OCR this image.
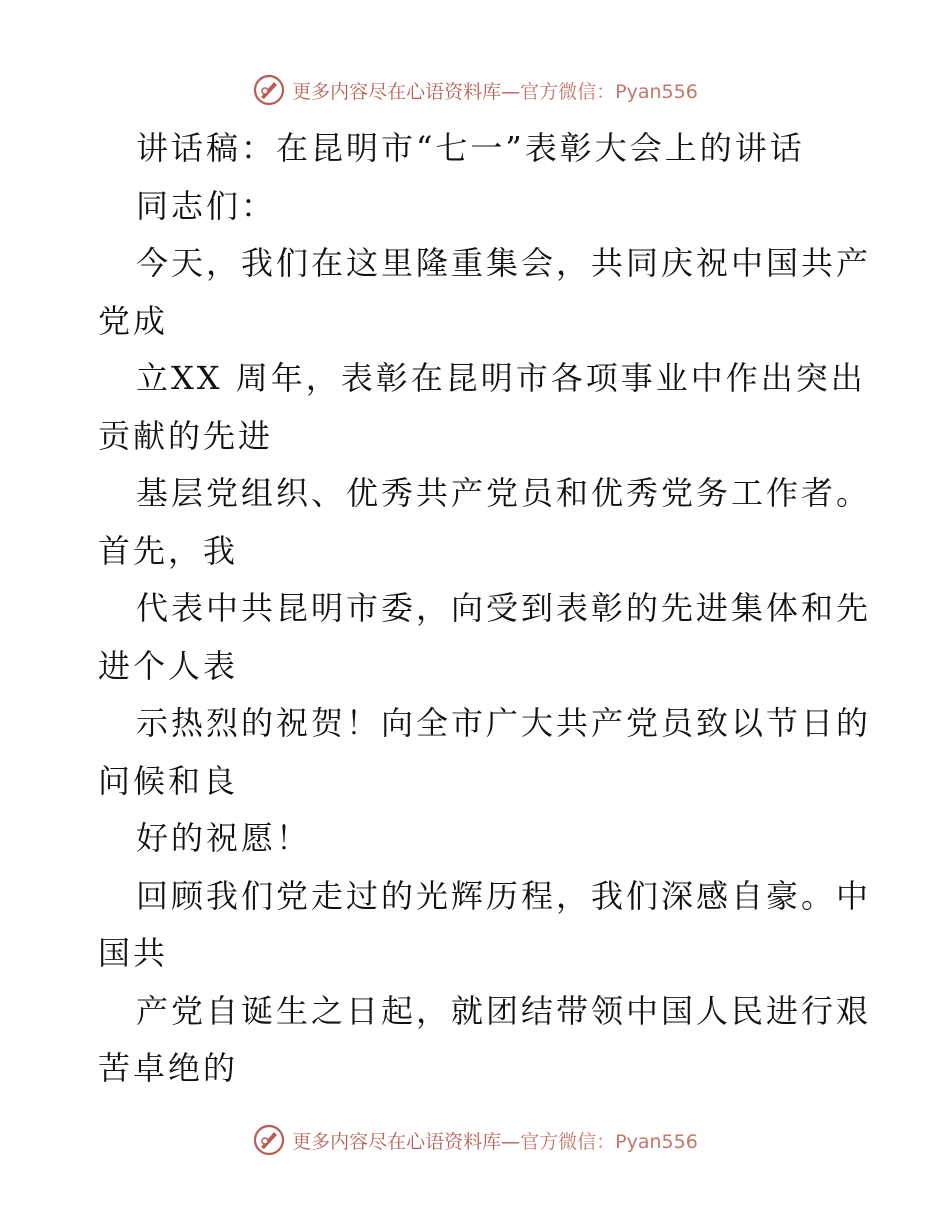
更多内容尽在心语资料库—官方微信：Pyan556
讲话稿：在昆明市“七一”表彰大会上的讲话
同志们：
今天，我们在这里隆重集会，共同庆祝中国共产
党成
立XX 周年，表彰在昆明市各项事业中作出突出
贡献的先进
基层党组织、优秀共产党员和优秀党务工作者。
首先，我
代表中共昆明市委，向受到表彰的先进集体和先
进个人表
示热烈的祝贺！向全市广大共产党员致以节日的
问候和良
好的祝愿！
回顾我们党走过的光辉历程，我们深感自豪。中
国共
产党自诞生之日起，就团结带领中国人民进行艰
苦卓绝的
更多内容尽在心语资料库—官方微信：Pyan556
